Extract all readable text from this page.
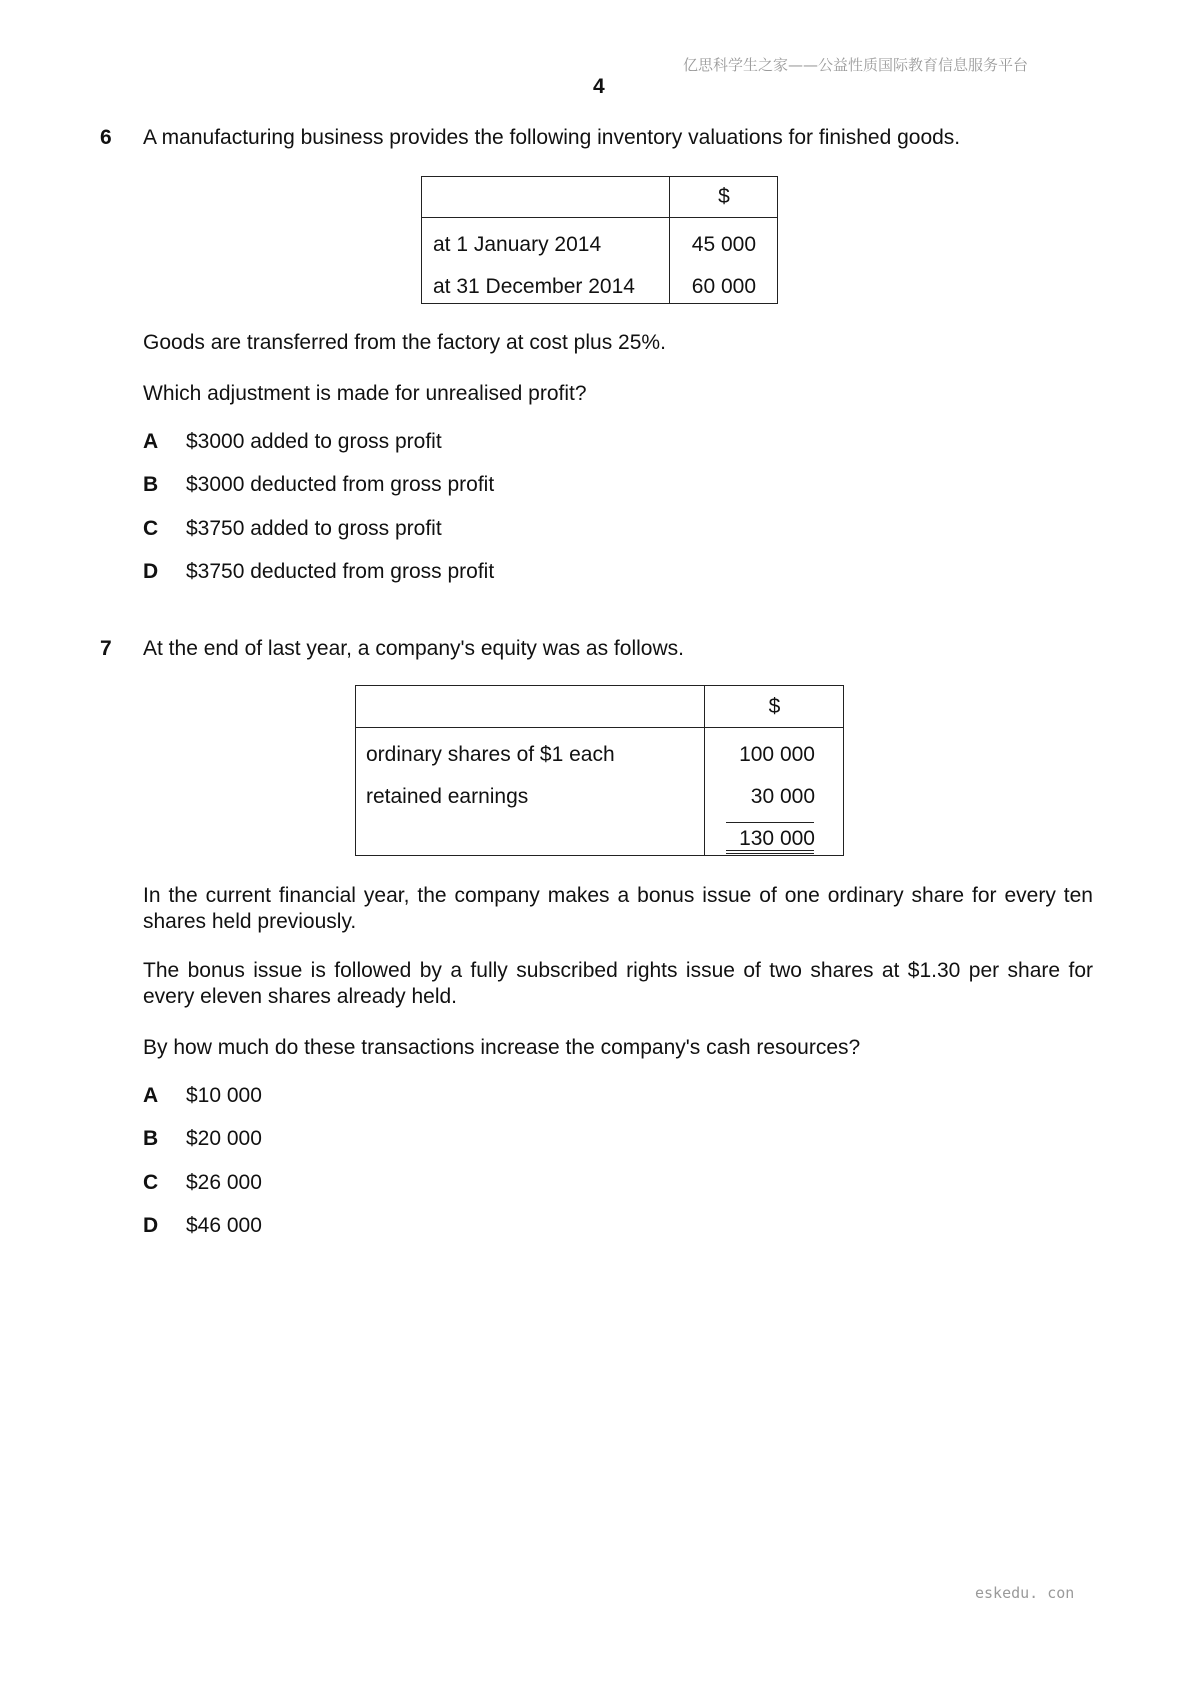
亿思科学生之家——公益性质国际教育信息服务平台
4
6 A manufacturing business provides the following inventory valuations for finished goods.
$
at 1 January 2014	45 000
at 31 December 2014	60 000
Goods are transferred from the factory at cost plus 25%.
Which adjustment is made for unrealised profit?
A $3000 added to gross profit
B $3000 deducted from gross profit
C $3750 added to gross profit
D $3750 deducted from gross profit
7 At the end of last year, a company's equity was as follows.
$
ordinary shares of $1 each	100 000
retained earnings	30 000
130 000
In the current financial year, the company makes a bonus issue of one ordinary share for every ten shares held previously.
The bonus issue is followed by a fully subscribed rights issue of two shares at $1.30 per share for every eleven shares already held.
By how much do these transactions increase the company's cash resources?
A $10 000
B $20 000
C $26 000
D $46 000
eskedu. con
